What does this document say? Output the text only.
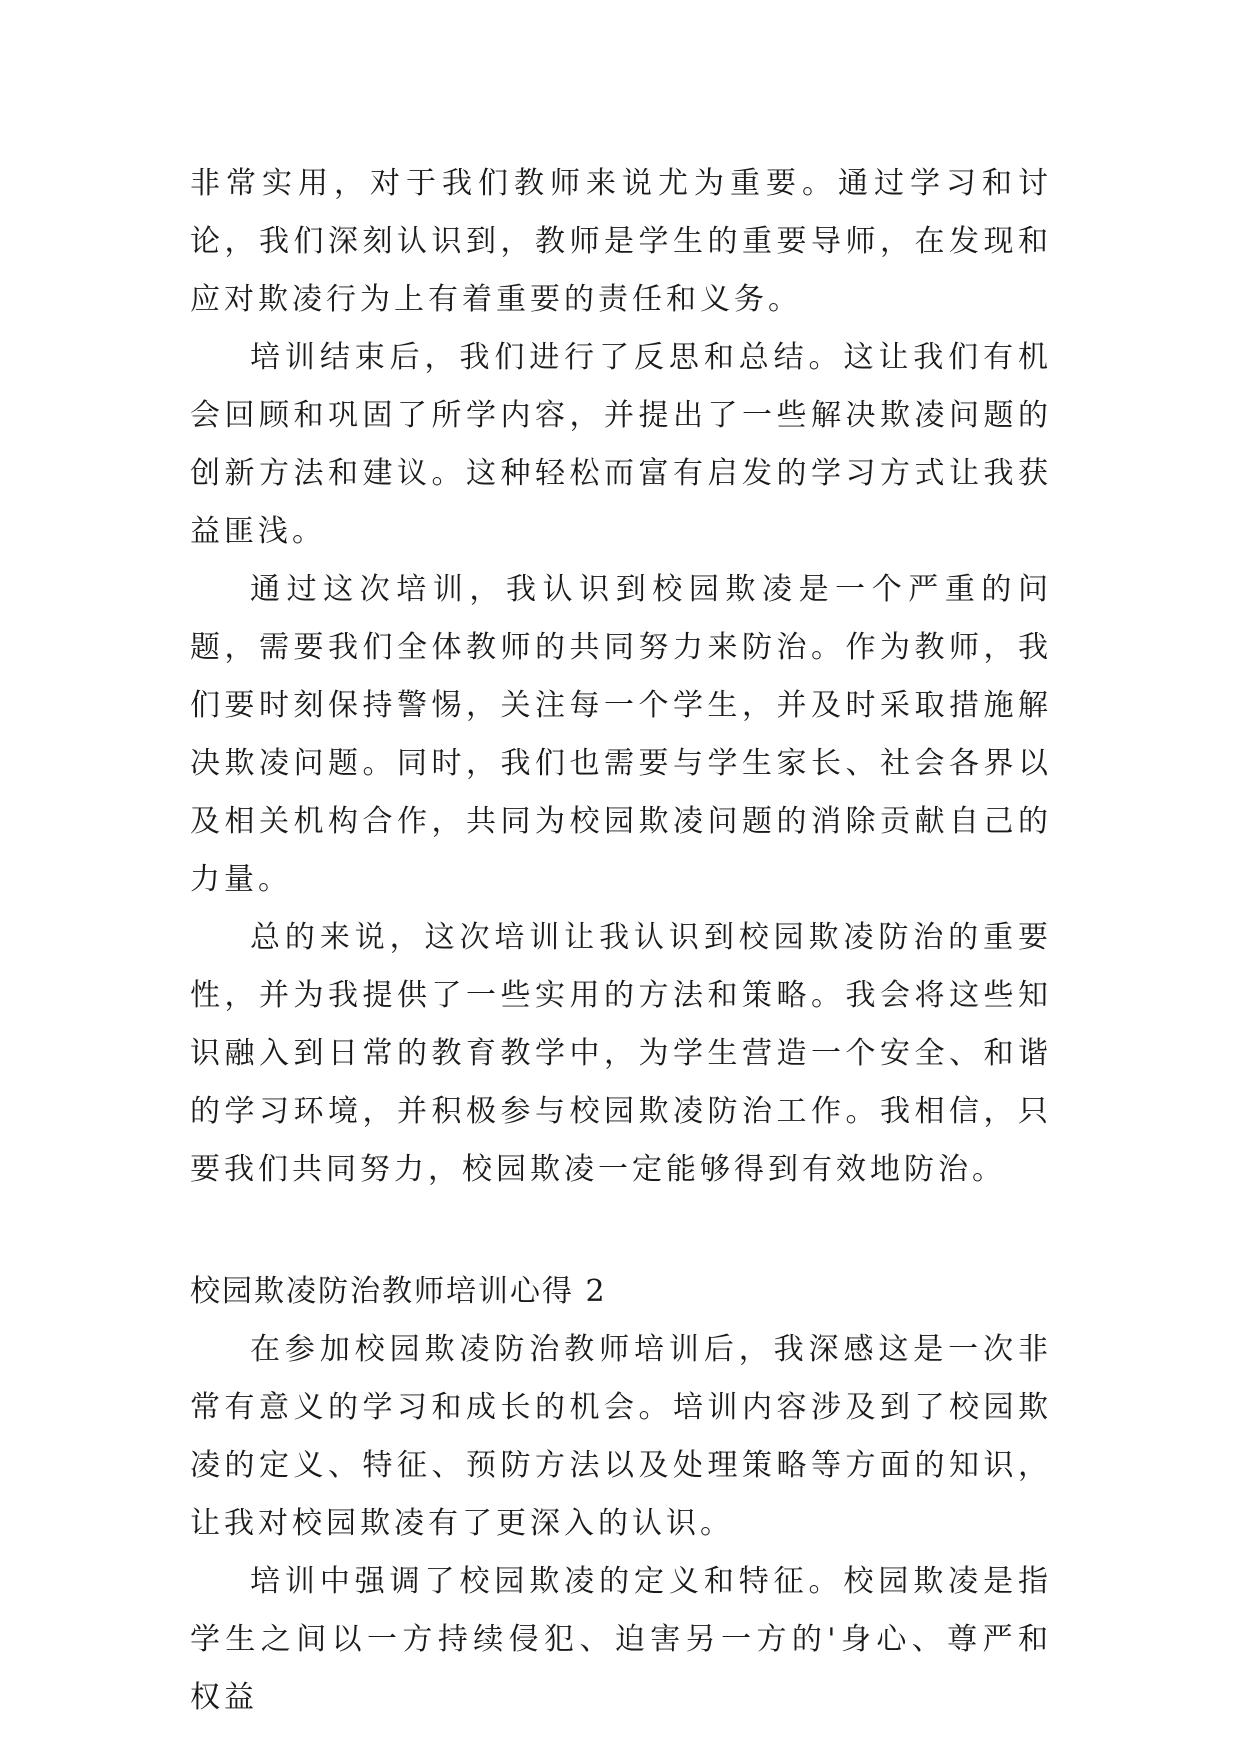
非常实用，对于我们教师来说尤为重要。通过学习和讨论，我们深刻认识到，教师是学生的重要导师，在发现和应对欺凌行为上有着重要的责任和义务。

培训结束后，我们进行了反思和总结。这让我们有机会回顾和巩固了所学内容，并提出了一些解决欺凌问题的创新方法和建议。这种轻松而富有启发的学习方式让我获益匪浅。

通过这次培训，我认识到校园欺凌是一个严重的问题，需要我们全体教师的共同努力来防治。作为教师，我们要时刻保持警惕，关注每一个学生，并及时采取措施解决欺凌问题。同时，我们也需要与学生家长、社会各界以及相关机构合作，共同为校园欺凌问题的消除贡献自己的力量。

总的来说，这次培训让我认识到校园欺凌防治的重要性，并为我提供了一些实用的方法和策略。我会将这些知识融入到日常的教育教学中，为学生营造一个安全、和谐的学习环境，并积极参与校园欺凌防治工作。我相信，只要我们共同努力，校园欺凌一定能够得到有效地防治。

校园欺凌防治教师培训心得 2

在参加校园欺凌防治教师培训后，我深感这是一次非常有意义的学习和成长的机会。培训内容涉及到了校园欺凌的定义、特征、预防方法以及处理策略等方面的知识，让我对校园欺凌有了更深入的认识。

培训中强调了校园欺凌的定义和特征。校园欺凌是指学生之间以一方持续侵犯、迫害另一方的'身心、尊严和权益
